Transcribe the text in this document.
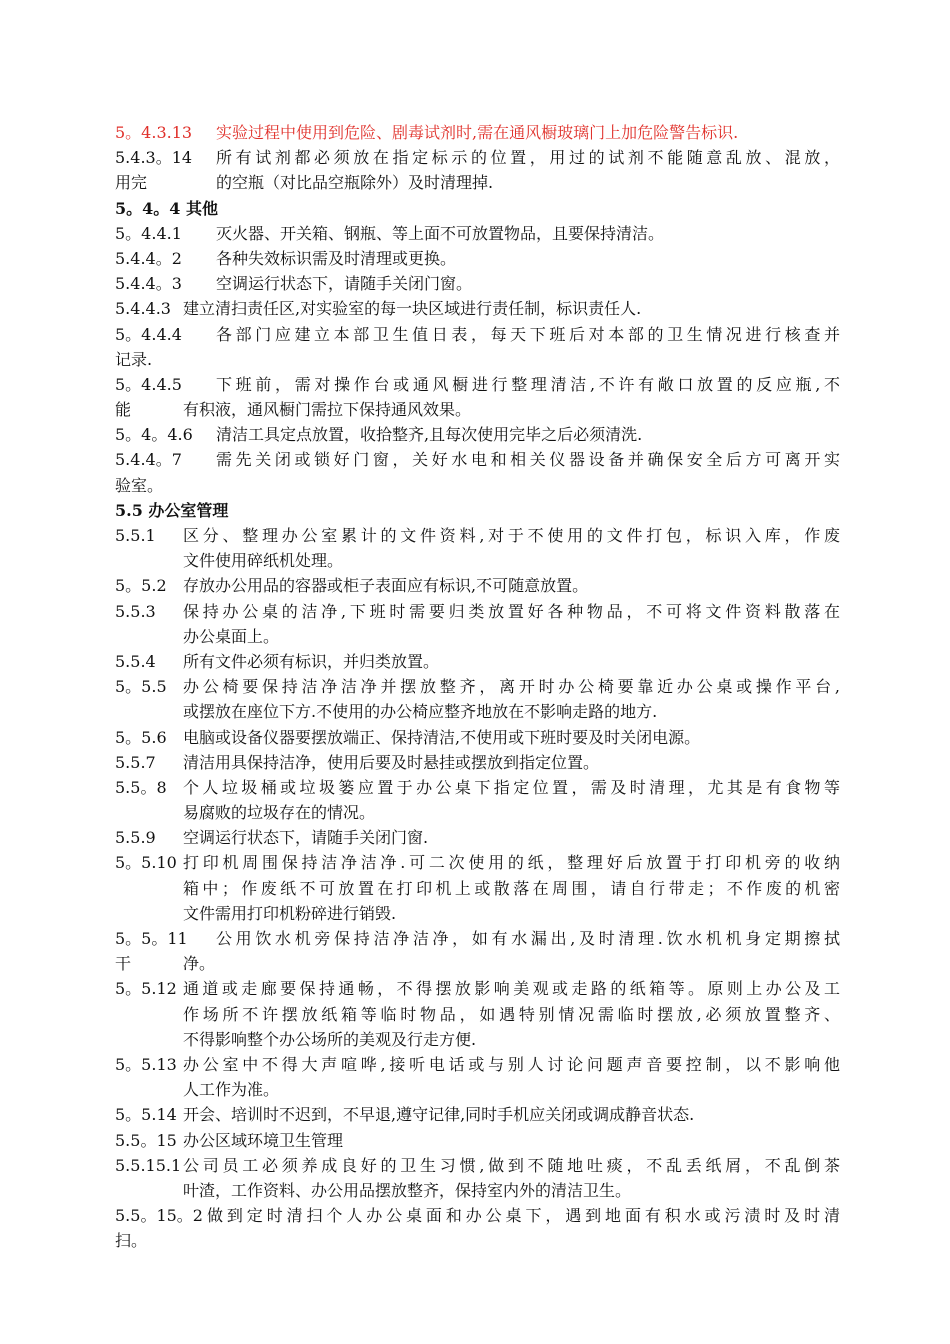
5。4.3.13 实验过程中使用到危险、剧毒试剂时,需在通风橱玻璃门上加危险警告标识.
5.4.3。14 所有试剂都必须放在指定标示的位置，用过的试剂不能随意乱放、混放，
用完	的空瓶（对比品空瓶除外）及时清理掉.
5。4。4 其他
5。4.4.1 灭火器、开关箱、钢瓶、等上面不可放置物品，且要保持清洁。
5.4.4。2 各种失效标识需及时清理或更换。
5.4.4。3 空调运行状态下，请随手关闭门窗。
5.4.4.3 建立清扫责任区,对实验室的每一块区域进行责任制，标识责任人.
5。4.4.4 各部门应建立本部卫生值日表，每天下班后对本部的卫生情况进行核查并
记录.
5。4.4.5 下班前，需对操作台或通风橱进行整理清洁,不许有敞口放置的反应瓶,不
能	有积液，通风橱门需拉下保持通风效果。
5。4。4.6 清洁工具定点放置，收拾整齐,且每次使用完毕之后必须清洗.
5.4.4。7 需先关闭或锁好门窗，关好水电和相关仪器设备并确保安全后方可离开实
验室。
5.5 办公室管理
5.5.1 区分、整理办公室累计的文件资料,对于不使用的文件打包，标识入库，作废
文件使用碎纸机处理。
5。5.2 存放办公用品的容器或柜子表面应有标识,不可随意放置。
5.5.3 保持办公桌的洁净,下班时需要归类放置好各种物品，不可将文件资料散落在
办公桌面上。
5.5.4 所有文件必须有标识，并归类放置。
5。5.5 办公椅要保持洁净洁净并摆放整齐，离开时办公椅要靠近办公桌或操作平台,
或摆放在座位下方.不使用的办公椅应整齐地放在不影响走路的地方.
5。5.6 电脑或设备仪器要摆放端正、保持清洁,不使用或下班时要及时关闭电源。
5.5.7 清洁用具保持洁净，使用后要及时悬挂或摆放到指定位置。
5.5。8 个人垃圾桶或垃圾篓应置于办公桌下指定位置，需及时清理，尤其是有食物等
易腐败的垃圾存在的情况。
5.5.9 空调运行状态下，请随手关闭门窗.
5。5.10 打印机周围保持洁净洁净.可二次使用的纸，整理好后放置于打印机旁的收纳
箱中；作废纸不可放置在打印机上或散落在周围，请自行带走；不作废的机密
文件需用打印机粉碎进行销毁.
5。5。11 公用饮水机旁保持洁净洁净，如有水漏出,及时清理.饮水机机身定期擦拭
干	净。
5。5.12 通道或走廊要保持通畅，不得摆放影响美观或走路的纸箱等。原则上办公及工
作场所不许摆放纸箱等临时物品，如遇特别情况需临时摆放,必须放置整齐、
不得影响整个办公场所的美观及行走方便.
5。5.13 办公室中不得大声喧哗,接听电话或与别人讨论问题声音要控制，以不影响他
人工作为准。
5。5.14 开会、培训时不迟到，不早退,遵守记律,同时手机应关闭或调成静音状态.
5.5。15 办公区域环境卫生管理
5.5.15.1 公司员工必须养成良好的卫生习惯,做到不随地吐痰，不乱丢纸屑，不乱倒茶
叶渣，工作资料、办公用品摆放整齐，保持室内外的清洁卫生。
5.5。15。2 做到定时清扫个人办公桌面和办公桌下，遇到地面有积水或污渍时及时清
扫。
